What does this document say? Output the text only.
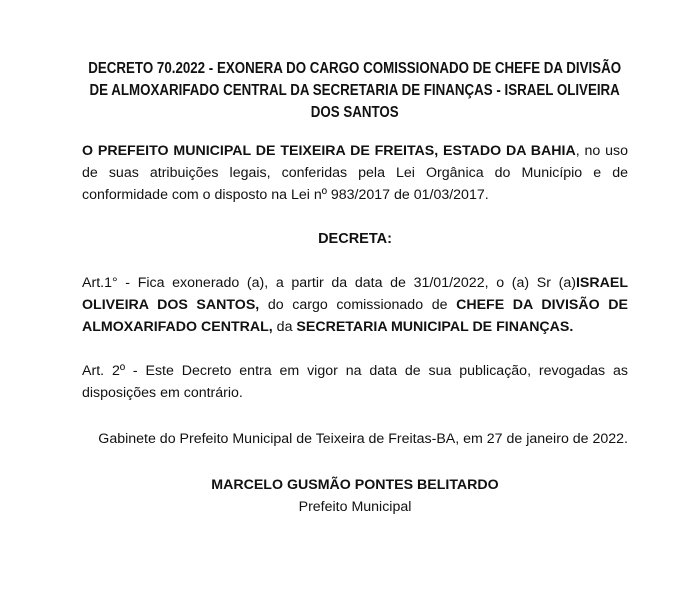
DECRETO 70.2022 - EXONERA DO CARGO COMISSIONADO DE CHEFE DA DIVISÃO DE ALMOXARIFADO CENTRAL DA SECRETARIA DE FINANÇAS - ISRAEL OLIVEIRA DOS SANTOS

O PREFEITO MUNICIPAL DE TEIXEIRA DE FREITAS, ESTADO DA BAHIA, no uso de suas atribuições legais, conferidas pela Lei Orgânica do Município e de conformidade com o disposto na Lei nº 983/2017 de 01/03/2017.

DECRETA:

Art.1° - Fica exonerado (a), a partir da data de 31/01/2022, o (a) Sr (a)ISRAEL OLIVEIRA DOS SANTOS, do cargo comissionado de CHEFE DA DIVISÃO DE ALMOXARIFADO CENTRAL, da SECRETARIA MUNICIPAL DE FINANÇAS.

Art. 2º - Este Decreto entra em vigor na data de sua publicação, revogadas as disposições em contrário.

Gabinete do Prefeito Municipal de Teixeira de Freitas-BA, em 27 de janeiro de 2022.

MARCELO GUSMÃO PONTES BELITARDO

Prefeito Municipal
